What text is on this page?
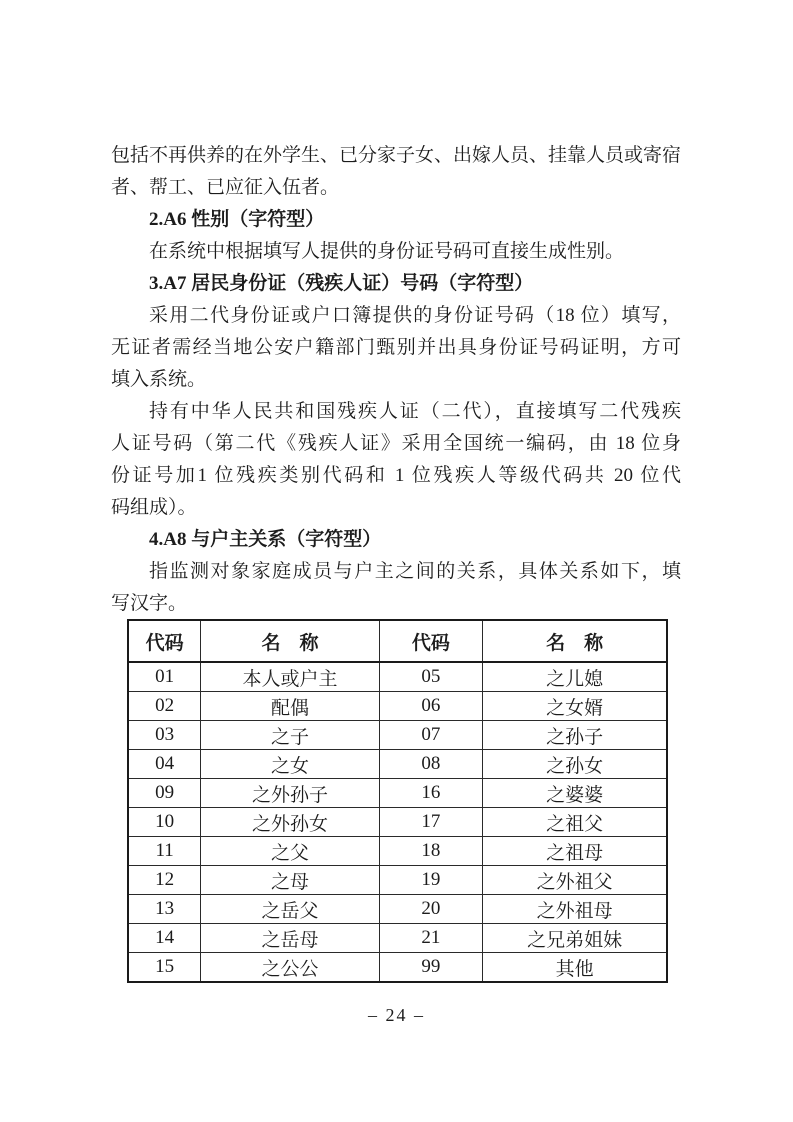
包括不再供养的在外学生、已分家子女、出嫁人员、挂靠人员或寄宿
者、帮工、已应征入伍者。
2.A6 性别（字符型）
在系统中根据填写人提供的身份证号码可直接生成性别。
3.A7 居民身份证（残疾人证）号码（字符型）
采用二代身份证或户口簿提供的身份证号码（18 位）填写，
无证者需经当地公安户籍部门甄别并出具身份证号码证明，方可
填入系统。
持有中华人民共和国残疾人证（二代），直接填写二代残疾
人证号码（第二代《残疾人证》采用全国统一编码，由 18 位身
份证号加1 位残疾类别代码和 1 位残疾人等级代码共 20 位代
码组成）。
4.A8 与户主关系（字符型）
指监测对象家庭成员与户主之间的关系，具体关系如下，填
写汉字。
代码	名　称	代码	名　称
01	本人或户主	05	之儿媳
02	配偶	06	之女婿
03	之子	07	之孙子
04	之女	08	之孙女
09	之外孙子	16	之婆婆
10	之外孙女	17	之祖父
11	之父	18	之祖母
12	之母	19	之外祖父
13	之岳父	20	之外祖母
14	之岳母	21	之兄弟姐妹
15	之公公	99	其他
– 24 –
